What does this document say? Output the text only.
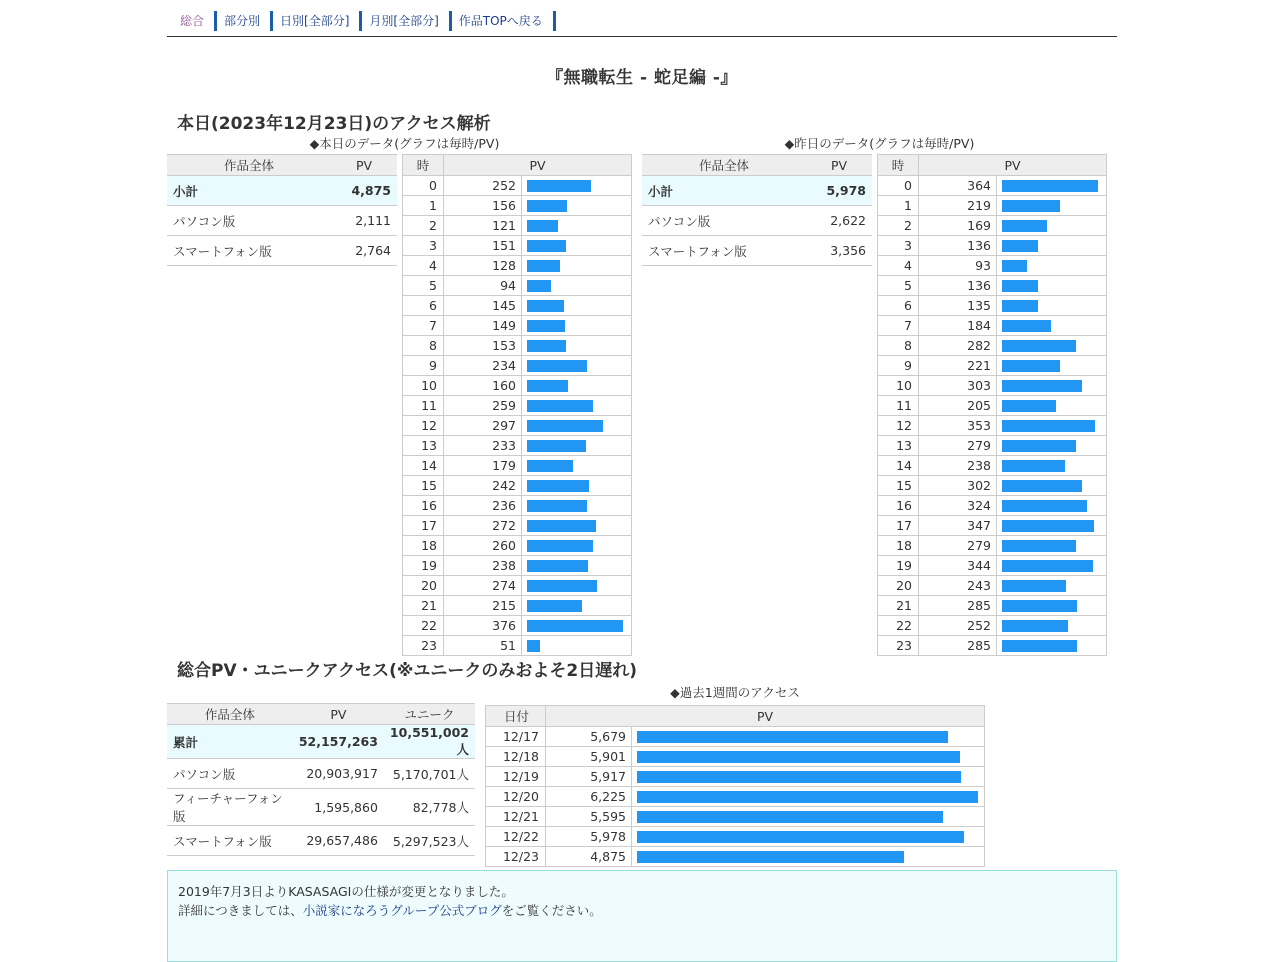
総合	部分別	日別[全部分]	月別[全部分]	作品TOPへ戻る
『無職転生 - 蛇足編 -』
本日(2023年12月23日)のアクセス解析
◆本日のデータ(グラフは毎時/PV)	◆昨日のデータ(グラフは毎時/PV)
作品全体	PV
小計	4,875
パソコン版	2,111
スマートフォン版	2,764
時	PV	
0	252	

1	156	

2	121	

3	151	

4	128	

5	94	

6	145	

7	149	

8	153	

9	234	

10	160	

11	259	

12	297	

13	233	

14	179	

15	242	

16	236	

17	272	

18	260	

19	238	

20	274	

21	215	

22	376	

23	51	
作品全体	PV
小計	5,978
パソコン版	2,622
スマートフォン版	3,356
時	PV	
0	364	

1	219	

2	169	

3	136	

4	93	

5	136	

6	135	

7	184	

8	282	

9	221	

10	303	

11	205	

12	353	

13	279	

14	238	

15	302	

16	324	

17	347	

18	279	

19	344	

20	243	

21	285	

22	252	

23	285	
総合PV・ユニークアクセス(※ユニークのみおよそ2日遅れ)
作品全体	PV	ユニーク
累計	52,157,263	10,551,002人
パソコン版	20,903,917	5,170,701人
フィーチャーフォン版	1,595,860	82,778人
スマートフォン版	29,657,486	5,297,523人
◆過去1週間のアクセス
日付	PV	
12/17	5,679	

12/18	5,901	

12/19	5,917	

12/20	6,225	

12/21	5,595	

12/22	5,978	

12/23	4,875	

2019年7月3日よりKASASAGIの仕様が変更となりました。

詳細につきましては、小説家になろうグループ公式ブログをご覧ください。
